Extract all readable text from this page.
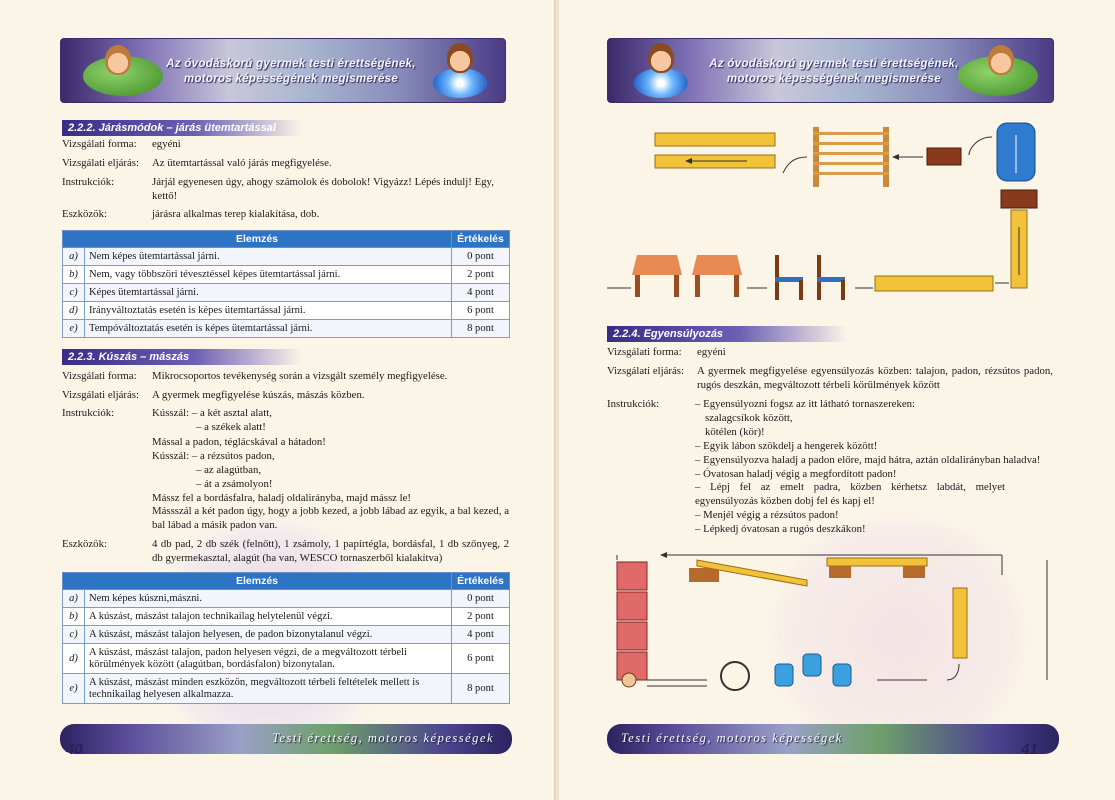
Az óvodáskorú gyermek testi érettségének,
motoros képességének megismerése
2.2.2. Járásmódok – járás ütemtartással
Vizsgálati forma: egyéni
Vizsgálati eljárás: Az ütemtartással való járás megfigyelése.
Instrukciók:	Járjál egyenesen úgy, ahogy számolok és dobolok! Vigyázz! Lépés indulj! Egy, kettő!
Eszközök:	járásra alkalmas terep kialakítása, dob.
Elemzés		Értékelés
a)	Nem képes ütemtartással járni.	0 pont
b)	Nem, vagy többszöri tévesztéssel képes ütemtartással járni.	2 pont
c)	Képes ütemtartással járni.	4 pont
d)	Irányváltoztatás esetén is képes ütemtartással járni.	6 pont
e)	Tempóváltoztatás esetén is képes ütemtartással járni.	8 pont
2.2.3. Kúszás – mászás
Vizsgálati forma: Mikrocsoportos tevékenység során a vizsgált személy megfigyelése.
Vizsgálati eljárás: A gyermek megfigyelése kúszás, mászás közben.
Instrukciók:	Kússzál: – a két asztal alatt,
– a székek alatt!
Mással a padon, téglácskával a hátadon!
Kússzál: – a rézsútos padon,
– az alagútban,
– át a zsámolyon!
Mássz fel a bordásfalra, haladj oldalirányba, majd mássz le!
Mássszál a két padon úgy, hogy a jobb kezed, a jobb lábad az egyik, a bal kezed, a bal lábad a másik padon van.
Eszközök:	4 db pad, 2 db szék (felnőtt), 1 zsámoly, 1 papírtégla, bordásfal, 1 db szőnyeg, 2 db gyermekasztal, alagút (ha van, WESCO tornaszerből kialakítva)
Elemzés		Értékelés
a)	Nem képes kúszni,mászni.	0 pont
b)	A kúszást, mászást talajon technikailag helytelenül végzi.	2 pont
c)	A kúszást, mászást talajon helyesen, de padon bizonytalanul végzi.	4 pont
d)	A kúszást, mászást talajon, padon helyesen végzi, de a megváltozott térbeli körülmények között (alagútban, bordásfalon) bizonytalan.	6 pont
e)	A kúszást, mászást minden eszközön, megváltozott térbeli feltételek mellett is technikailag helyesen alkalmazza.	8 pont
Testi érettség, motoros képességek
40
Az óvodáskorú gyermek testi érettségének,
motoros képességének megismerése
2.2.4. Egyensúlyozás
Vizsgálati forma: egyéni
Vizsgálati eljárás: A gyermek megfigyelése egyensúlyozás közben: talajon, padon, rézsútos padon, rugós deszkán, megváltozott térbeli körülmények között
Instrukciók:	– Egyensúlyozni fogsz az itt látható tornaszereken:
szalagcsíkok között,
kötélen (kör)!
– Egyik lábon szökdelj a hengerek között!
– Egyensúlyozva haladj a padon előre, majd hátra, aztán oldalirányban haladva!
– Óvatosan haladj végig a megfordított padon!
– Lépj fel az emelt padra, közben kérhetsz labdát, melyet egyensúlyozás közben dobj fel és kapj el!
– Menjél végig a rézsútos padon!
– Lépkedj óvatosan a rugós deszkákon!
Testi érettség, motoros képességek
41
